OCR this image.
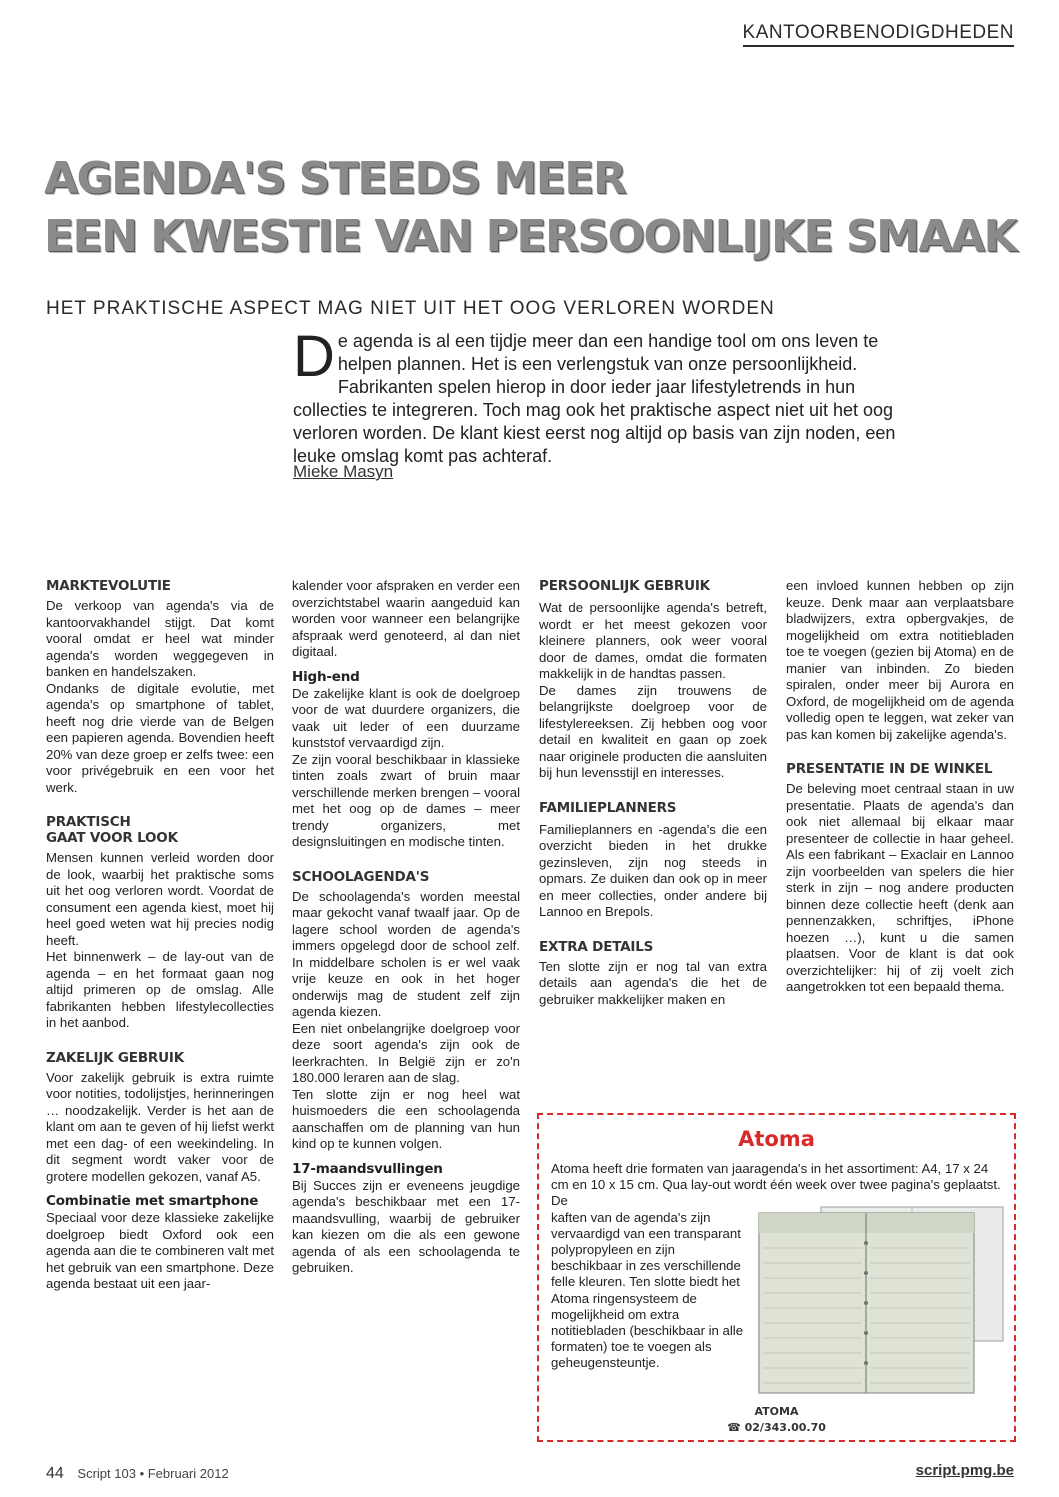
KANTOORBENODIGDHEDEN
AGENDA'S STEEDS MEER
EEN KWESTIE VAN PERSOONLIJKE SMAAK
HET PRAKTISCHE ASPECT MAG NIET UIT HET OOG VERLOREN WORDEN
D e agenda is al een tijdje meer dan een handige tool om ons leven te helpen plannen. Het is een verlengstuk van onze persoonlijkheid. Fabrikanten spelen hierop in door ieder jaar lifestyletrends in hun collecties te integreren. Toch mag ook het praktische aspect niet uit het oog verloren worden. De klant kiest eerst nog altijd op basis van zijn noden, een leuke omslag komt pas achteraf.
Mieke Masyn
MARKTEVOLUTIE

De verkoop van agenda's via de kantoorvakhandel stijgt. Dat komt vooral omdat er heel wat minder agenda's worden weggegeven in banken en handelszaken.

Ondanks de digitale evolutie, met agenda's op smartphone of tablet, heeft nog drie vierde van de Belgen een papieren agenda. Bovendien heeft 20% van deze groep er zelfs twee: een voor privégebruik en een voor het werk.

PRAKTISCH
GAAT VOOR LOOK

Mensen kunnen verleid worden door de look, waarbij het praktische soms uit het oog verloren wordt. Voordat de consument een agenda kiest, moet hij heel goed weten wat hij precies nodig heeft.

Het binnenwerk – de lay-out van de agenda – en het formaat gaan nog altijd primeren op de omslag. Alle fabrikanten hebben lifestylecollecties in het aanbod.

ZAKELIJK GEBRUIK

Voor zakelijk gebruik is extra ruimte voor notities, todolijstjes, herinneringen … noodzakelijk. Verder is het aan de klant om aan te geven of hij liefst werkt met een dag- of een weekindeling. In dit segment wordt vaker voor de grotere modellen gekozen, vanaf A5.

Combinatie met smartphone

Speciaal voor deze klassieke zakelijke doelgroep biedt Oxford ook een agenda aan die te combineren valt met het gebruik van een smartphone. Deze agenda bestaat uit een jaar-

kalender voor afspraken en verder een overzichtstabel waarin aangeduid kan worden voor wanneer een belangrijke afspraak werd genoteerd, al dan niet digitaal.

High-end

De zakelijke klant is ook de doelgroep voor de wat duurdere organizers, die vaak uit leder of een duurzame kunststof vervaardigd zijn.

Ze zijn vooral beschikbaar in klassieke tinten zoals zwart of bruin maar verschillende merken brengen – vooral met het oog op de dames – meer trendy organizers, met designsluitingen en modische tinten.

SCHOOLAGENDA'S

De schoolagenda's worden meestal maar gekocht vanaf twaalf jaar. Op de lagere school worden de agenda's immers opgelegd door de school zelf. In middelbare scholen is er wel vaak vrije keuze en ook in het hoger onderwijs mag de student zelf zijn agenda kiezen.

Een niet onbelangrijke doelgroep voor deze soort agenda's zijn ook de leerkrachten. In België zijn er zo'n 180.000 leraren aan de slag.

Ten slotte zijn er nog heel wat huismoeders die een schoolagenda aanschaffen om de planning van hun kind op te kunnen volgen.

17-maandsvullingen

Bij Succes zijn er eveneens jeugdige agenda's beschikbaar met een 17-maandsvulling, waarbij de gebruiker kan kiezen om die als een gewone agenda of als een schoolagenda te gebruiken.

PERSOONLIJK GEBRUIK

Wat de persoonlijke agenda's betreft, wordt er het meest gekozen voor kleinere planners, ook weer vooral door de dames, omdat die formaten makkelijk in de handtas passen.

De dames zijn trouwens de belangrijkste doelgroep voor de lifestylereeksen. Zij hebben oog voor detail en kwaliteit en gaan op zoek naar originele producten die aansluiten bij hun levensstijl en interesses.

FAMILIEPLANNERS

Familieplanners en -agenda's die een overzicht bieden in het drukke gezinsleven, zijn nog steeds in opmars. Ze duiken dan ook op in meer en meer collecties, onder andere bij Lannoo en Brepols.

EXTRA DETAILS

Ten slotte zijn er nog tal van extra details aan agenda's die het de gebruiker makkelijker maken en

een invloed kunnen hebben op zijn keuze. Denk maar aan verplaatsbare bladwijzers, extra opbergvakjes, de mogelijkheid om extra notitiebladen toe te voegen (gezien bij Atoma) en de manier van inbinden. Zo bieden spiralen, onder meer bij Aurora en Oxford, de mogelijkheid om de agenda volledig open te leggen, wat zeker van pas kan komen bij zakelijke agenda's.

PRESENTATIE IN DE WINKEL

De beleving moet centraal staan in uw presentatie. Plaats de agenda's dan ook niet allemaal bij elkaar maar presenteer de collectie in haar geheel. Als een fabrikant – Exaclair en Lannoo zijn voorbeelden van spelers die hier sterk in zijn – nog andere producten binnen deze collectie heeft (denk aan pennenzakken, schriftjes, iPhone hoezen …), kunt u die samen plaatsen. Voor de klant is dat ook overzichtelijker: hij of zij voelt zich aangetrokken tot een bepaald thema.

Atoma
Atoma heeft drie formaten van jaaragenda's in het assortiment: A4, 17 x 24 cm en 10 x 15 cm. Qua lay-out wordt één week over twee pagina's geplaatst. De
kaften van de agenda's zijn vervaardigd van een transparant polypropyleen en zijn beschikbaar in zes verschillende felle kleuren. Ten slotte biedt het Atoma ringensysteem de mogelijkheid om extra notitiebladen (beschikbaar in alle formaten) toe te voegen als geheugensteuntje.
ATOMA
☎ 02/343.00.70
44 Script 103 • Februari 2012	script.pmg.be
